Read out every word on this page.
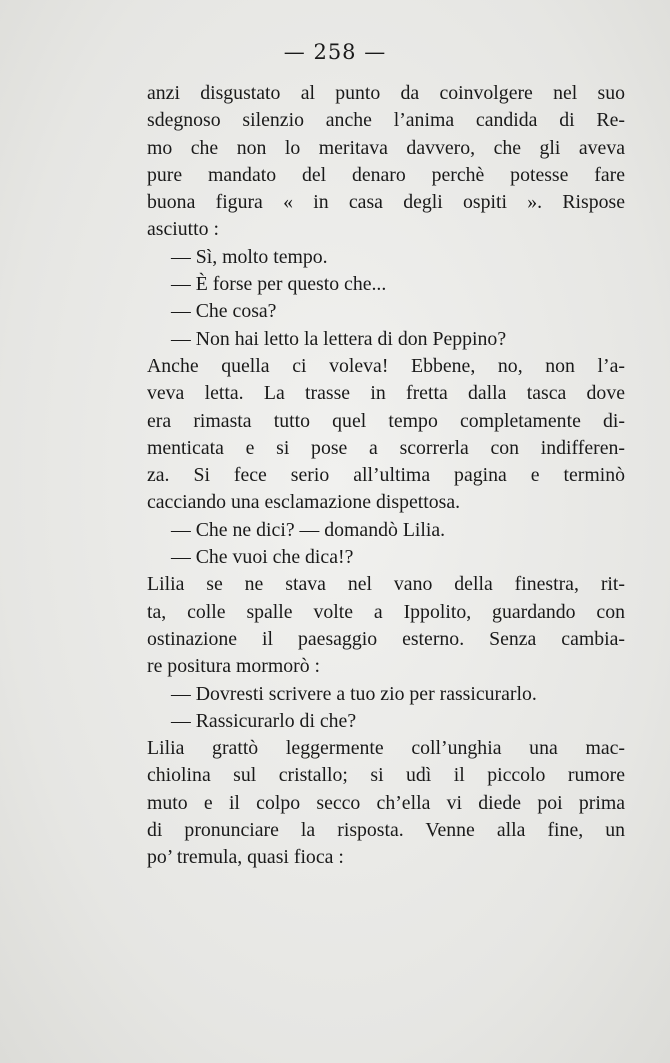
— 258 —
anzi disgustato al punto da coinvolgere nel suo
sdegnoso silenzio anche l’anima candida di Re-
mo che non lo meritava davvero, che gli aveva
pure mandato del denaro perchè potesse fare
buona figura « in casa degli ospiti ». Rispose
asciutto :
— Sì, molto tempo.
— È forse per questo che...
— Che cosa?
— Non hai letto la lettera di don Peppino?
Anche quella ci voleva! Ebbene, no, non l’a-
veva letta. La trasse in fretta dalla tasca dove
era rimasta tutto quel tempo completamente di-
menticata e si pose a scorrerla con indifferen-
za. Si fece serio all’ultima pagina e terminò
cacciando una esclamazione dispettosa.
— Che ne dici? — domandò Lilia.
— Che vuoi che dica!?
Lilia se ne stava nel vano della finestra, rit-
ta, colle spalle volte a Ippolito, guardando con
ostinazione il paesaggio esterno. Senza cambia-
re positura mormorò :
— Dovresti scrivere a tuo zio per rassicurarlo.
— Rassicurarlo di che?
Lilia grattò leggermente coll’unghia una mac-
chiolina sul cristallo; si udì il piccolo rumore
muto e il colpo secco ch’ella vi diede poi prima
di pronunciare la risposta. Venne alla fine, un
po’ tremula, quasi fioca :
